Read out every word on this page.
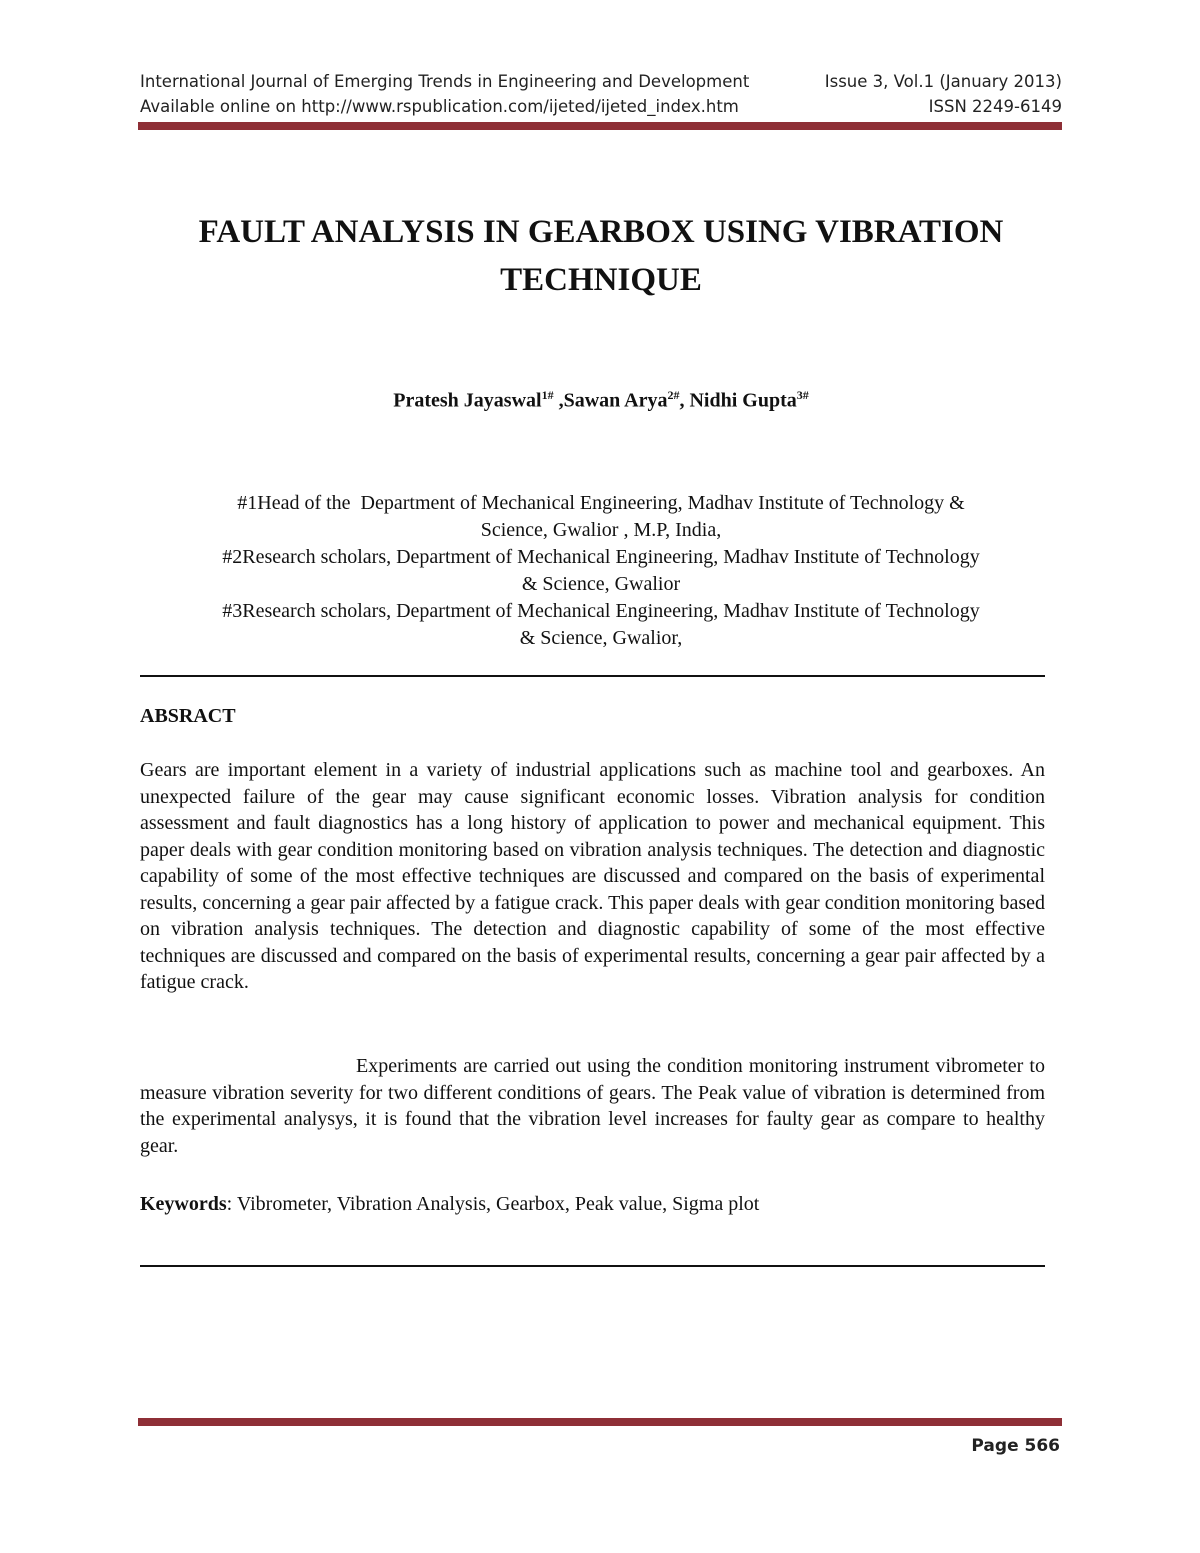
International Journal of Emerging Trends in Engineering and Development	Issue 3, Vol.1 (January 2013)
Available online on http://www.rspublication.com/ijeted/ijeted_index.htm	ISSN 2249-6149
FAULT ANALYSIS IN GEARBOX USING VIBRATION
TECHNIQUE
Pratesh Jayaswal$^{1\#}$ ,Sawan Arya$^{2\#}$, Nidhi Gupta$^{3\#}$
#1Head of the  Department of Mechanical Engineering, Madhav Institute of Technology &
Science, Gwalior , M.P, India,
#2Research scholars, Department of Mechanical Engineering, Madhav Institute of Technology
& Science, Gwalior
#3Research scholars, Department of Mechanical Engineering, Madhav Institute of Technology
& Science, Gwalior,
ABSRACT

Gears are important element in a variety of industrial applications such as machine tool and gearboxes. An unexpected failure of the gear may cause significant economic losses. Vibration analysis for condition assessment and fault diagnostics has a long history of application to power and mechanical equipment. This paper deals with gear condition monitoring based on vibration analysis techniques. The detection and diagnostic capability of some of the most effective techniques are discussed and compared on the basis of experimental results, concerning a gear pair affected by a fatigue crack. This paper deals with gear condition monitoring based on vibration analysis techniques. The detection and diagnostic capability of some of the most effective techniques are discussed and compared on the basis of experimental results, concerning a gear pair affected by a fatigue crack.

Experiments are carried out using the condition monitoring instrument vibrometer to measure vibration severity for two different conditions of gears. The Peak value of vibration is determined from the experimental analysys, it is found that the vibration level increases for faulty gear as compare to healthy gear.

Keywords: Vibrometer, Vibration Analysis, Gearbox, Peak value, Sigma plot
Page 566
